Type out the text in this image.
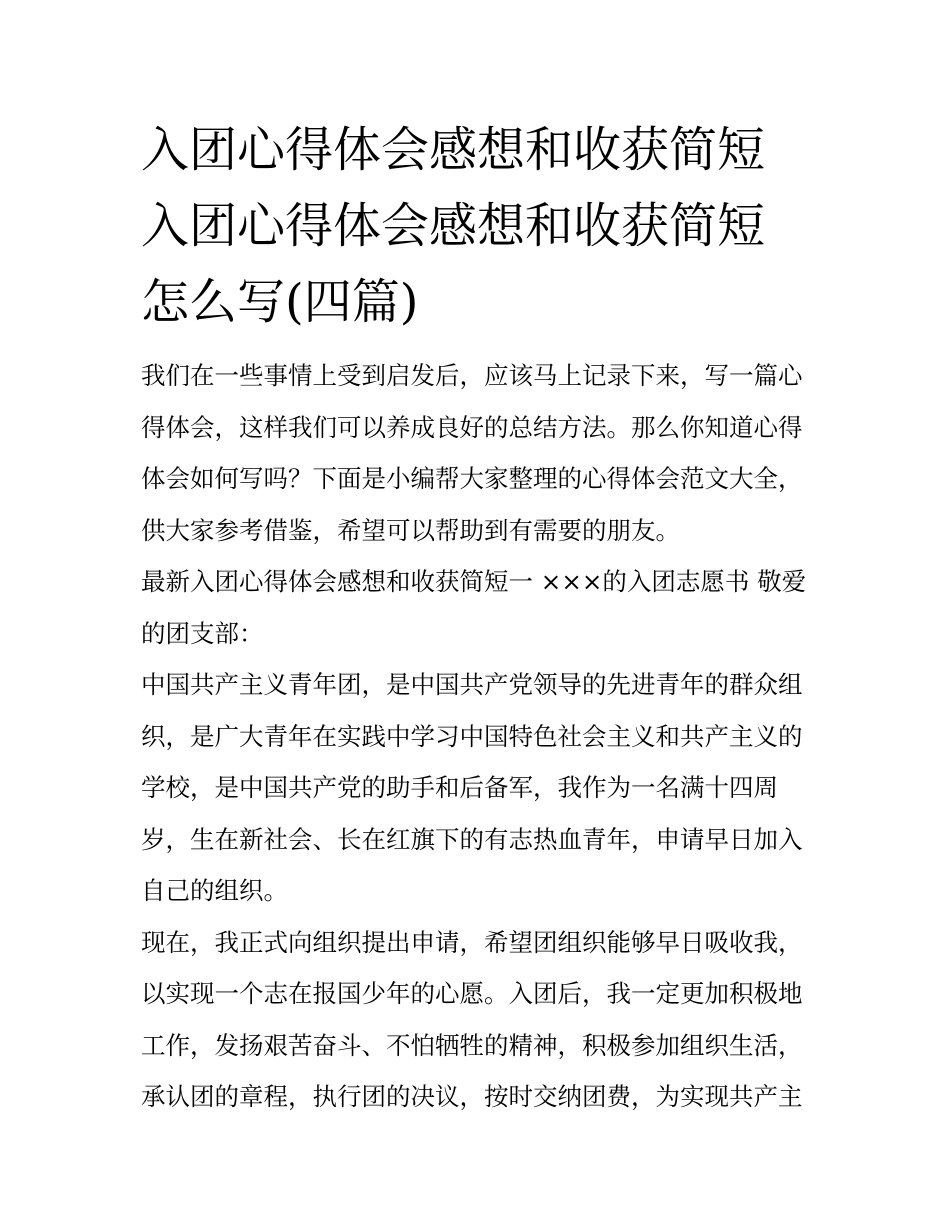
入团心得体会感想和收获简短
入团心得体会感想和收获简短
怎么写(四篇)

我们在一些事情上受到启发后，应该马上记录下来，写一篇心得体会，这样我们可以养成良好的总结方法。那么你知道心得体会如何写吗？下面是小编帮大家整理的心得体会范文大全，供大家参考借鉴，希望可以帮助到有需要的朋友。

最新入团心得体会感想和收获简短一 ×××的入团志愿书 敬爱的团支部：

中国共产主义青年团，是中国共产党领导的先进青年的群众组织，是广大青年在实践中学习中国特色社会主义和共产主义的学校，是中国共产党的助手和后备军，我作为一名满十四周岁，生在新社会、长在红旗下的有志热血青年，申请早日加入自己的组织。

现在，我正式向组织提出申请，希望团组织能够早日吸收我，以实现一个志在报国少年的心愿。入团后，我一定更加积极地工作，发扬艰苦奋斗、不怕牺牲的精神，积极参加组织生活，承认团的章程，执行团的决议，按时交纳团费，为实现共产主
